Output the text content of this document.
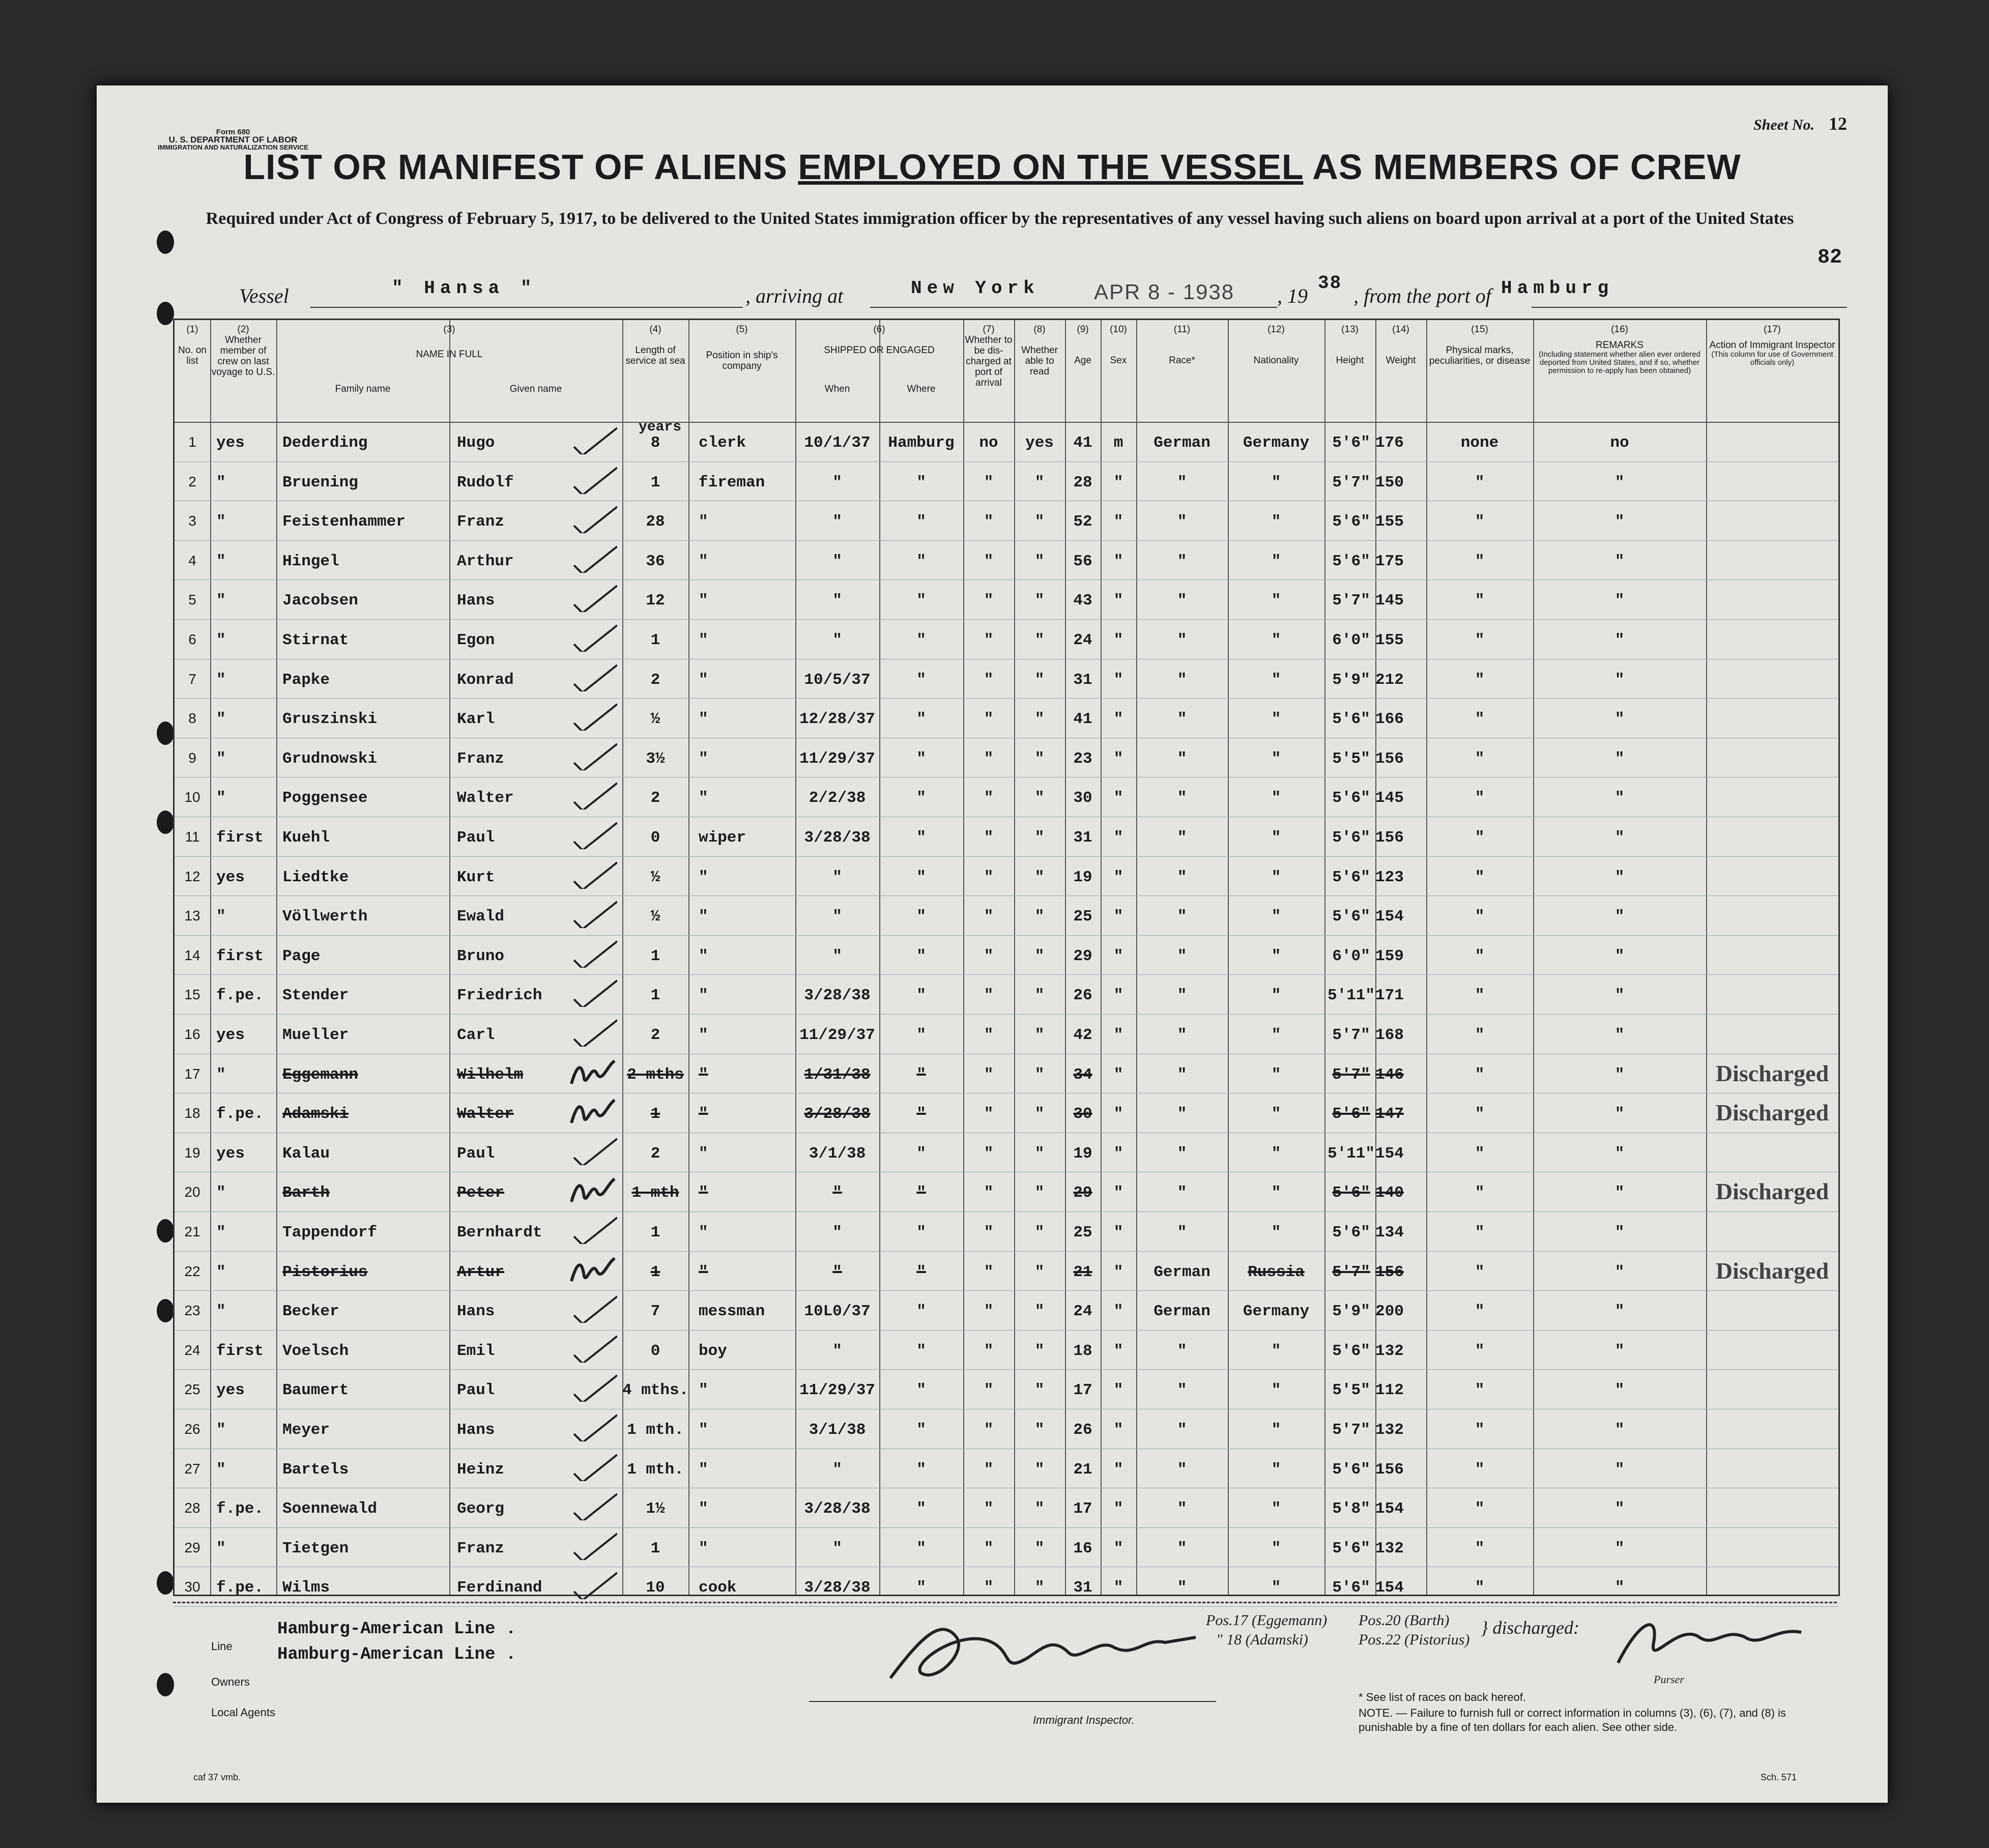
Form 680
U. S. DEPARTMENT OF LABOR
IMMIGRATION AND NATURALIZATION SERVICE
Sheet No. 12
LIST OR MANIFEST OF ALIENS EMPLOYED ON THE VESSEL AS MEMBERS OF CREW
Required under Act of Congress of February 5, 1917, to be delivered to the United States immigration officer by the representatives of any vessel having such aliens on board upon arrival at a port of the United States
82
Vessel	" Hansa "	, arriving at	New York	APR 8 - 1938 , 19
38
, from the port of Hamburg
(1)
No. on list
(2)
Whether member of crew on last voyage to U.S.
(3)
NAME IN FULL
Family name	Given name
(4)
Length of service at sea
(5)
Position in ship's company
(6)
SHIPPED OR ENGAGED
When	Where
(7)
Whether to be dis-charged at port of arrival
(8)
Whether able to read
(9)
Age
(10)
Sex
(11)
Race*
(12)
Nationality
(13)
Height
(14)
Weight
(15)
Physical marks, peculiarities, or disease
(16)
REMARKS
(Including statement whether alien ever ordered deported from United States, and if so, whether permission to re-apply has been obtained)
(17)
Action of Immigrant Inspector
(This column for use of Government officials only)
years
1	yes	Dederding	Hugo	8	clerk	10/1/37	Hamburg	no	yes	41	m	German	Germany	5'6" 176	none	no
2	"	Bruening	Rudolf	1	fireman	"	"	"	"	28	"	"	"	5'7" 150	"	"
3	"	Feistenhammer	Franz	28	"	"	"	"	"	52	"	"	"	5'6" 155	"	"
4	"	Hingel	Arthur	36	"	"	"	"	"	56	"	"	"	5'6" 175	"	"
5	"	Jacobsen	Hans	12	"	"	"	"	"	43	"	"	"	5'7" 145	"	"
6	"	Stirnat	Egon	1	"	"	"	"	"	24	"	"	"	6'0" 155	"	"
7	"	Papke	Konrad	2	"	10/5/37	"	"	"	31	"	"	"	5'9" 212	"	"
8	"	Gruszinski	Karl	½	"	12/28/37	"	"	"	41	"	"	"	5'6" 166	"	"
9	"	Grudnowski	Franz	3½	"	11/29/37	"	"	"	23	"	"	"	5'5" 156	"	"
10	"	Poggensee	Walter	2	"	2/2/38	"	"	"	30	"	"	"	5'6" 145	"	"
11	first	Kuehl	Paul	0	wiper	3/28/38	"	"	"	31	"	"	"	5'6" 156	"	"
12	yes	Liedtke	Kurt	½	"	"	"	"	"	19	"	"	"	5'6" 123	"	"
13	"	Völlwerth	Ewald	½	"	"	"	"	"	25	"	"	"	5'6" 154	"	"
14	first	Page	Bruno	1	"	"	"	"	"	29	"	"	"	6'0" 159	"	"
15	f.pe.	Stender	Friedrich	1	"	3/28/38	"	"	"	26	"	"	"	5'11" 171	"	"
16	yes	Mueller	Carl	2	"	11/29/37	"	"	"	42	"	"	"	5'7" 168	"	"
17	"	Eggemann	Wilhelm	2 mths "	1/31/38	"	"	"	34	"	"	"	5'7" 146	"	"	Discharged
18	f.pe.	Adamski	Walter	1	"	3/28/38	"	"	"	30	"	"	"	5'6" 147	"	"	Discharged
19	yes	Kalau	Paul	2	"	3/1/38	"	"	"	19	"	"	"	5'11" 154	"	"
20	"	Barth	Peter	1 mth	"	"	"	"	"	29	"	"	"	5'6" 140	"	"	Discharged
21	"	Tappendorf	Bernhardt	1	"	"	"	"	"	25	"	"	"	5'6" 134	"	"
22	"	Pistorius	Artur	1	"	"	"	"	"	21	"	German	Russia	5'7" 156	"	"	Discharged
23	"	Becker	Hans	7	messman	10L0/37	"	"	"	24	"	German	Germany	5'9" 200	"	"
24	first	Voelsch	Emil	0	boy	"	"	"	"	18	"	"	"	5'6" 132	"	"
25	yes	Baumert	Paul	4 mths. "	11/29/37	"	"	"	17	"	"	"	5'5" 112	"	"
26	"	Meyer	Hans	1 mth. "	3/1/38	"	"	"	26	"	"	"	5'7" 132	"	"
27	"	Bartels	Heinz	1 mth. "	"	"	"	"	21	"	"	"	5'6" 156	"	"
28	f.pe.	Soennewald	Georg	1½	"	3/28/38	"	"	"	17	"	"	"	5'8" 154	"	"
29	"	Tietgen	Franz	1	"	"	"	"	"	16	"	"	"	5'6" 132	"	"
30	f.pe.	Wilms	Ferdinand	10	cook	3/28/38	"	"	"	31	"	"	"	5'6" 154	"	"
Line
Hamburg-American Line .
Owners
Hamburg-American Line .
Local Agents
Immigrant Inspector.
Pos.17 (Eggemann)
" 18 (Adamski)
Pos.20 (Barth)
Pos.22 (Pistorius)
} discharged:
Purser
* See list of races on back hereof.
NOTE. — Failure to furnish full or correct information in columns (3), (6), (7), and (8) is punishable by a fine of ten dollars for each alien. See other side.
caf 37 vmb.	Sch. 571
